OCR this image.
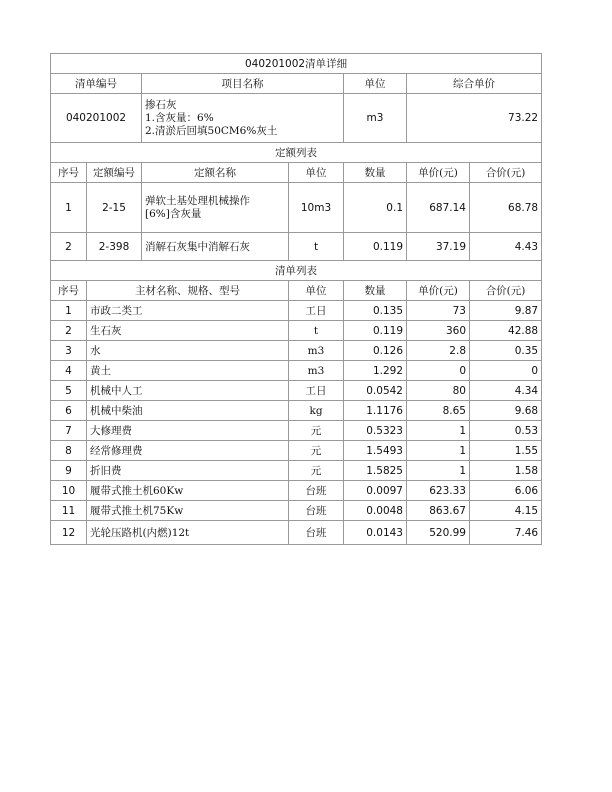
040201002清单详细						
清单编号		项目名称		单位	综合单价	
040201002		掺石灰
1.含灰量：6%
2.清淤后回填50CM6%灰土		m3	73.22	
定额列表						
序号	定额编号	定额名称	单位	数量	单价(元)	合价(元)
1	2-15	弹软土基处理机械操作
[6%]含灰量	10m3	0.1	687.14	68.78
2	2-398	消解石灰集中消解石灰	t	0.119	37.19	4.43
清单列表						
序号	主材名称、规格、型号		单位	数量	单价(元)	合价(元)
1	市政二类工		工日	0.135	73	9.87
2	生石灰		t	0.119	360	42.88
3	水		m3	0.126	2.8	0.35
4	黄土		m3	1.292	0	0
5	机械中人工		工日	0.0542	80	4.34
6	机械中柴油		kg	1.1176	8.65	9.68
7	大修理费		元	0.5323	1	0.53
8	经常修理费		元	1.5493	1	1.55
9	折旧费		元	1.5825	1	1.58
10	履带式推土机60Kw		台班	0.0097	623.33	6.06
11	履带式推土机75Kw		台班	0.0048	863.67	4.15
12	光轮压路机(内燃)12t		台班	0.0143	520.99	7.46
